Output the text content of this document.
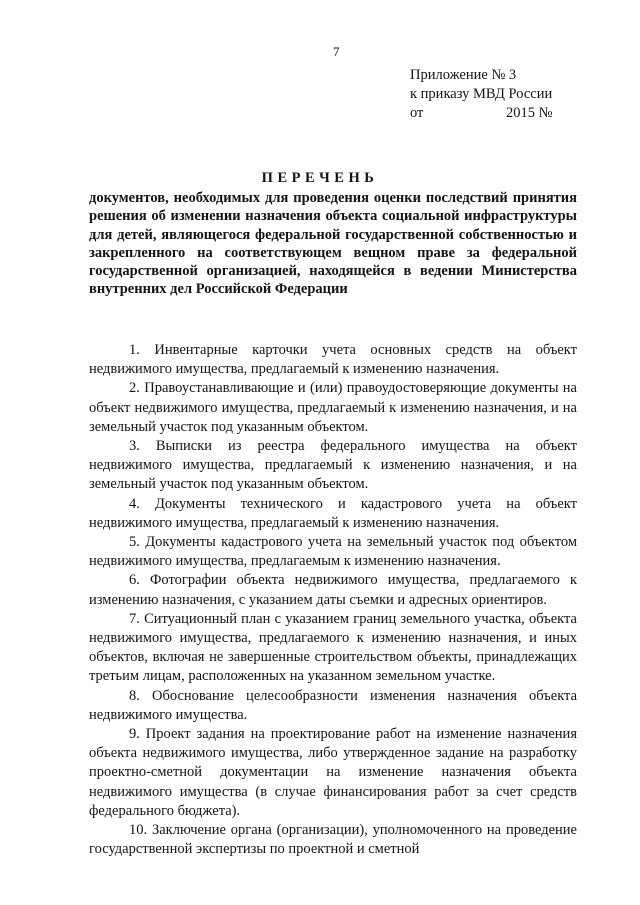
7
Приложение № 3
к приказу МВД России
от	2015 №
ПЕРЕЧЕНЬ
документов, необходимых для проведения оценки последствий принятия решения об изменении назначения объекта социальной инфраструктуры для детей, являющегося федеральной государственной собственностью и закрепленного на соответствующем вещном праве за федеральной государственной организацией, находящейся в ведении Министерства внутренних дел Российской Федерации

1. Инвентарные карточки учета основных средств на объект недвижимого имущества, предлагаемый к изменению назначения.

2. Правоустанавливающие и (или) правоудостоверяющие документы на объект недвижимого имущества, предлагаемый к изменению назначения, и на земельный участок под указанным объектом.

3. Выписки из реестра федерального имущества на объект недвижимого имущества, предлагаемый к изменению назначения, и на земельный участок под указанным объектом.

4. Документы технического и кадастрового учета на объект недвижимого имущества, предлагаемый к изменению назначения.

5. Документы кадастрового учета на земельный участок под объектом недвижимого имущества, предлагаемым к изменению назначения.

6. Фотографии объекта недвижимого имущества, предлагаемого к изменению назначения, с указанием даты съемки и адресных ориентиров.

7. Ситуационный план с указанием границ земельного участка, объекта недвижимого имущества, предлагаемого к изменению назначения, и иных объектов, включая не завершенные строительством объекты, принадлежащих третьим лицам, расположенных на указанном земельном участке.

8. Обоснование целесообразности изменения назначения объекта недвижимого имущества.

9. Проект задания на проектирование работ на изменение назначения объекта недвижимого имущества, либо утвержденное задание на разработку проектно-сметной документации на изменение назначения объекта недвижимого имущества (в случае финансирования работ за счет средств федерального бюджета).

10. Заключение органа (организации), уполномоченного на проведение государственной экспертизы по проектной и сметной
